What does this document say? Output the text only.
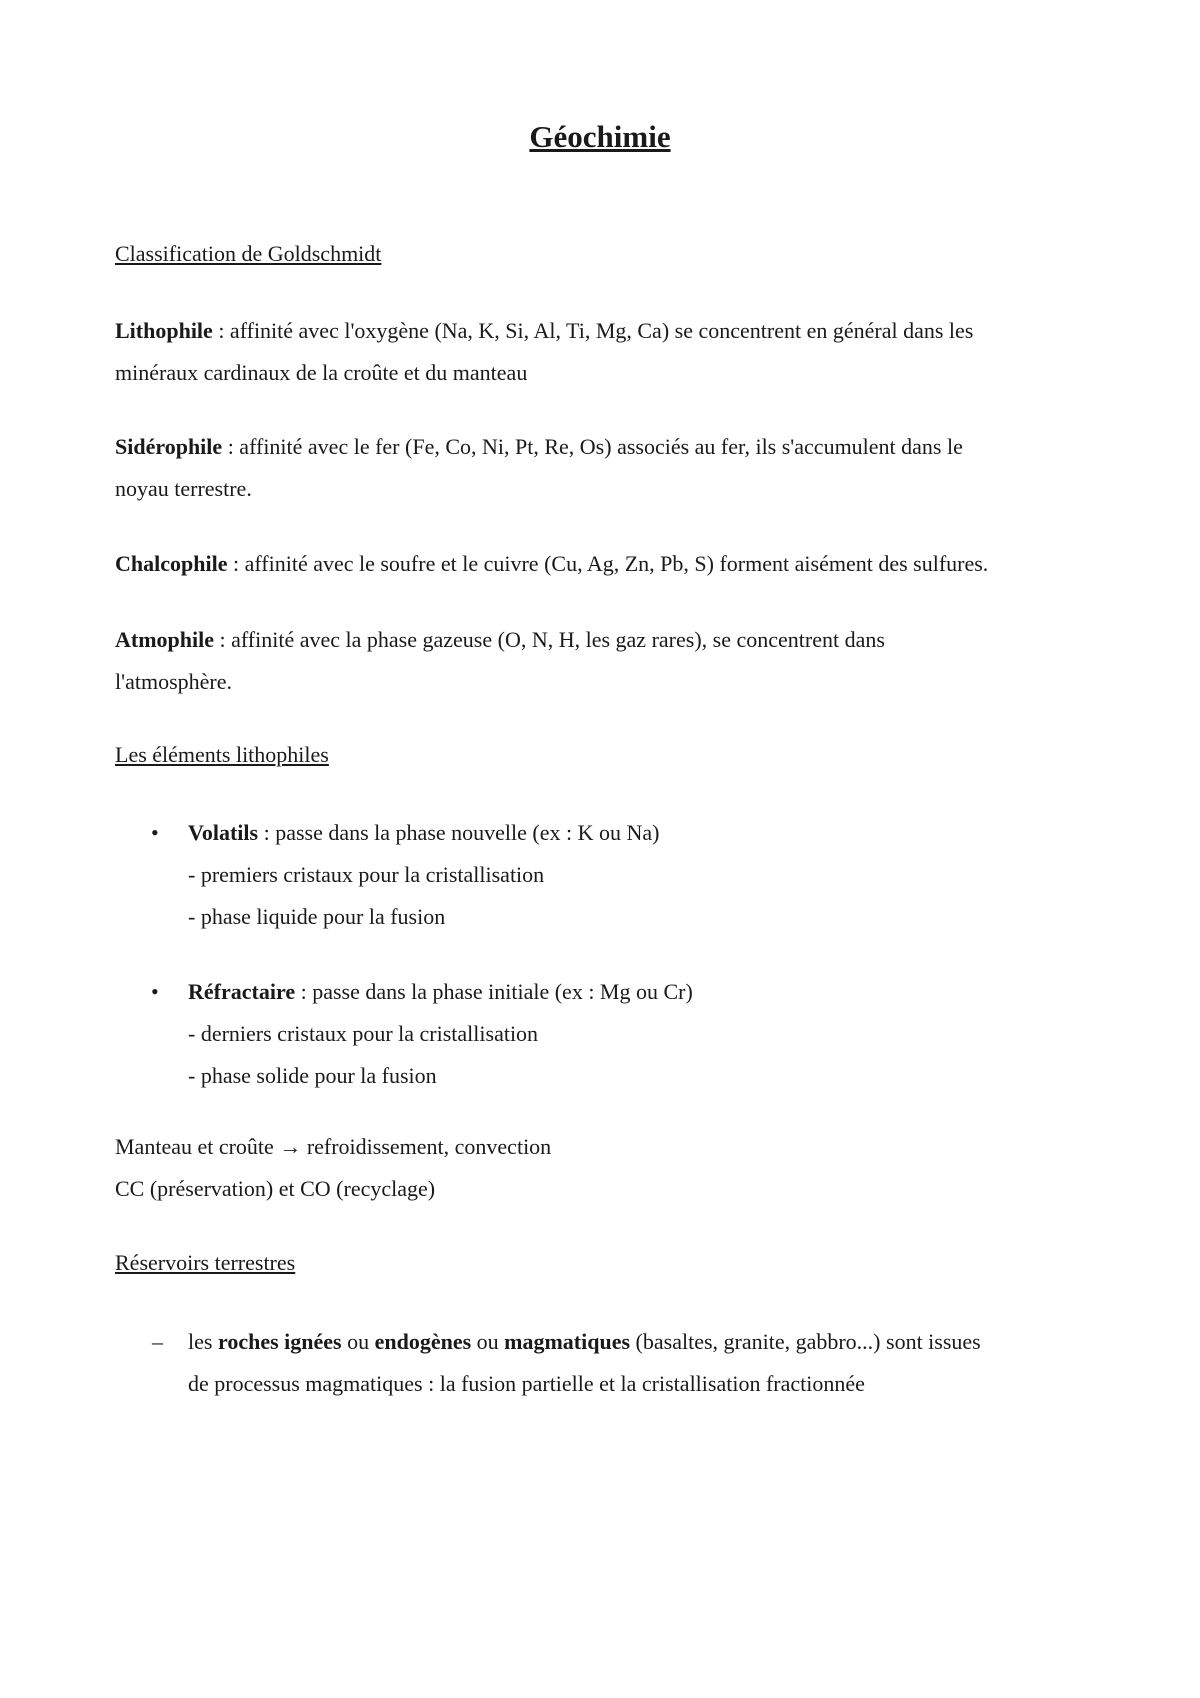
Géochimie

Classification de Goldschmidt

Lithophile : affinité avec l'oxygène (Na, K, Si, Al, Ti, Mg, Ca) se concentrent en général dans les
minéraux cardinaux de la croûte et du manteau
Sidérophile : affinité avec le fer (Fe, Co, Ni, Pt, Re, Os) associés au fer, ils s'accumulent dans le
noyau terrestre.
Chalcophile : affinité avec le soufre et le cuivre (Cu, Ag, Zn, Pb, S) forment aisément des sulfures.
Atmophile : affinité avec la phase gazeuse (O, N, H, les gaz rares), se concentrent dans
l'atmosphère.

Les éléments lithophiles

• Volatils : passe dans la phase nouvelle (ex : K ou Na)
- premiers cristaux pour la cristallisation
- phase liquide pour la fusion
• Réfractaire : passe dans la phase initiale (ex : Mg ou Cr)
- derniers cristaux pour la cristallisation
- phase solide pour la fusion
Manteau et croûte → refroidissement, convection
CC (préservation) et CO (recyclage)

Réservoirs terrestres

– les roches ignées ou endogènes ou magmatiques (basaltes, granite, gabbro...) sont issues
de processus magmatiques : la fusion partielle et la cristallisation fractionnée
